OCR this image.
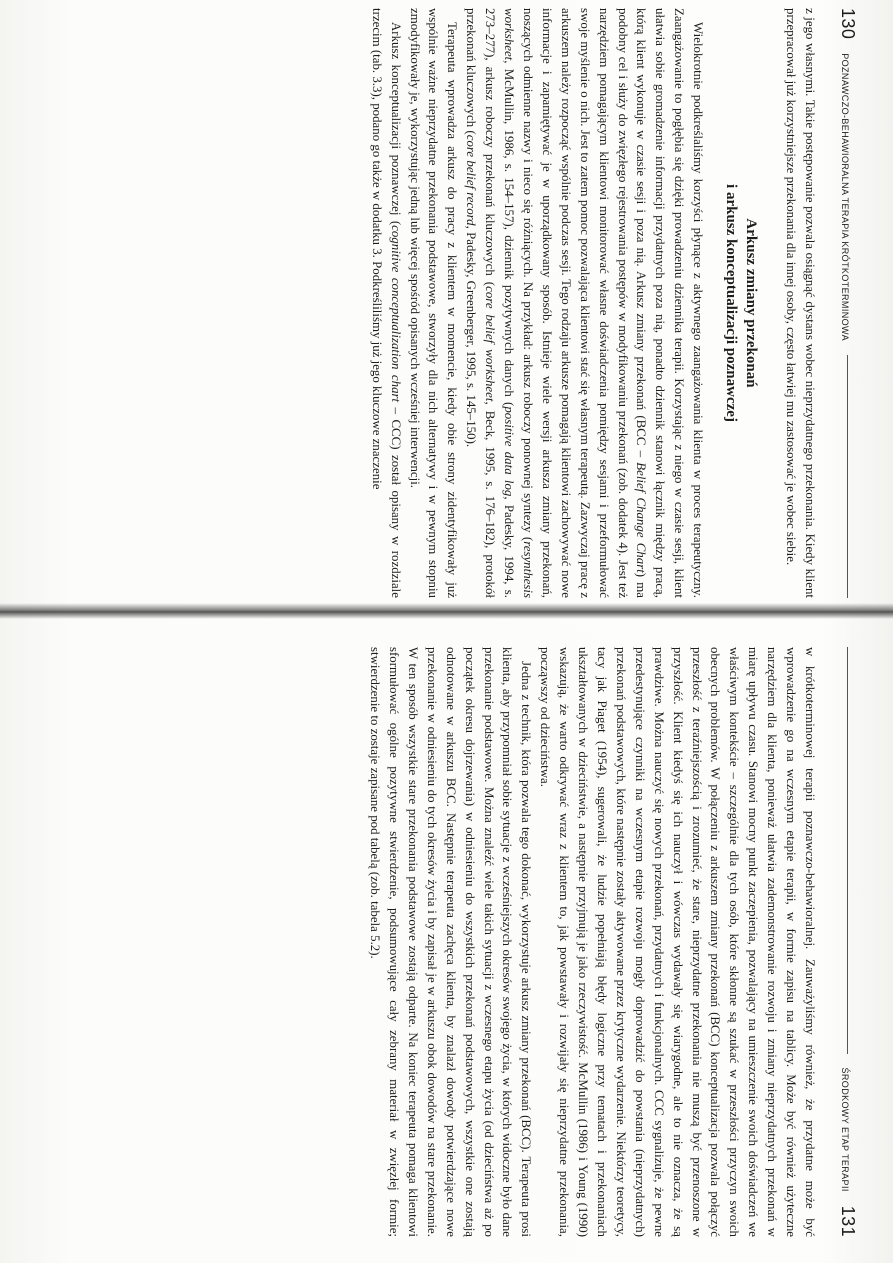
130
POZNAWCZO-BEHAWIORALNA TERAPIA KRÓTKOTERMINOWA

z jego własnymi. Takie postępowanie pozwala osiągnąć dystans wobec nieprzydatnego przekonania. Kiedy klient przepracował już korzystniejsze przekonania dla innej osoby, często łatwiej mu zastosować je wobec siebie.

Arkusz zmiany przekonań
i arkusz konceptualizacji poznawczej

Wielokrotnie podkreślaliśmy korzyści płynące z aktywnego zaangażowania klienta w proces terapeutyczny. Zaangażowanie to pogłębia się dzięki prowadzeniu dziennika terapii. Korzystając z niego w czasie sesji, klient ułatwia sobie gromadzenie informacji przydatnych poza nią, ponadto dziennik stanowi łącznik między pracą, którą klient wykonuje w czasie sesji i poza nią. Arkusz zmiany przekonań (BCC – Belief Change Chart) ma podobny cel i służy do zwięzłego rejestrowania postępów w modyfikowaniu przekonań (zob. dodatek 4). Jest też narzędziem pomagającym klientowi monitorować własne doświadczenia pomiędzy sesjami i przeformułować swoje myślenie o nich. Jest to zatem pomoc pozwalająca klientowi stać się własnym terapeutą. Zazwyczaj pracę z arkuszem należy rozpocząć wspólnie podczas sesji. Tego rodzaju arkusze pomagają klientowi zachowywać nowe informacje i zapamiętywać je w uporządkowany sposób. Istnieje wiele wersji arkusza zmiany przekonań, noszących odmienne nazwy i nieco się różniących. Na przykład: arkusz roboczy ponownej syntezy (resynthesis worksheet, McMullin, 1986, s. 154–157), dziennik pozytywnych danych (positive data log, Padesky, 1994, s. 273–277), arkusz roboczy przekonań kluczowych (core belief worksheet, Beck, 1995, s. 176–182), protokół przekonań kluczowych (core belief record, Padesky, Greenberger, 1995, s. 145–150).

Terapeuta wprowadza arkusz do pracy z klientem w momencie, kiedy obie strony zidentyfikowały już wspólnie ważne nieprzydatne przekonania podstawowe, stworzyły dla nich alternatywy i w pewnym stopniu zmodyfikowały je, wykorzystując jedną lub więcej spośród opisanych wcześniej interwencji.

Arkusz konceptualizacji poznawczej (cognitive conceptualization chart – CCC) został opisany w rozdziale trzecim (tab. 3.3), podano go także w dodatku 3. Podkreśliliśmy już jego kluczowe znaczenie

ŚRODKOWY ETAP TERAPII
131

w krótkoterminowej terapii poznawczo-behawioralnej. Zauważyliśmy również, że przydatne może być wprowadzenie go na wczesnym etapie terapii, w formie zapisu na tablicy. Może być również użyteczne narzędziem dla klienta, ponieważ ułatwia zademonstrowanie rozwoju i zmiany nieprzydatnych przekonań w miarę upływu czasu. Stanowi mocny punkt zaczepienia, pozwalający na umieszczenie swoich doświadczeń we właściwym kontekście – szczególnie dla tych osób, które skłonne są szukać w przeszłości przyczyn swoich obecnych problemów. W połączeniu z arkuszem zmiany przekonań (BCC) konceptualizacja pozwala połączyć przeszłość z teraźniejszością i zrozumieć, że stare, nieprzydatne przekonania nie muszą być przenoszone w przyszłość. Klient kiedyś się ich nauczył i wówczas wydawały się wiarygodne, ale to nie oznacza, że są prawdziwe. Można nauczyć się nowych przekonań, przydatnych i funkcjonalnych. CCC sygnalizuje, że pewne przedestynujące czynniki na wczesnym etapie rozwoju mogły doprowadzić do powstania (nieprzydatnych) przekonań podstawowych, które następnie zostały aktywowane przez krytyczne wydarzenie. Niektórzy teoretycy, tacy jak Piaget (1954), sugerowali, że ludzie popełniają błędy logiczne przy tematach i przekonaniach ukształtowanych w dzieciństwie, a następnie przyjmują je jako rzeczywistość. McMullin (1986) i Young (1990) wskazują, że warto odkrywać wraz z klientem to, jak powstawały i rozwijały się nieprzydatne przekonania, począwszy od dzieciństwa.

Jedna z technik, która pozwala tego dokonać, wykorzystuje arkusz zmiany przekonań (BCC). Terapeuta prosi klienta, aby przypomniał sobie sytuacje z wcześniejszych okresów swojego życia, w których widoczne było dane przekonanie podstawowe. Można znaleźć wiele takich sytuacji z wczesnego etapu życia (od dzieciństwa aż po początek okresu dojrzewania) w odniesieniu do wszystkich przekonań podstawowych, wszystkie one zostają odnotowane w arkuszu BCC. Następnie terapeuta zachęca klienta, by znalazł dowody potwierdzające nowe przekonanie w odniesieniu do tych okresów życia i by zapisał je w arkuszu obok dowodów na stare przekonanie. W ten sposób wszystkie stare przekonania podstawowe zostają odparte. Na koniec terapeuta pomaga klientowi sformułować ogólne pozytywne stwierdzenie, podsumowujące cały zebrany materiał w zwięzłej formie; stwierdzenie to zostaje zapisane pod tabelą (zob. tabela 5.2).
